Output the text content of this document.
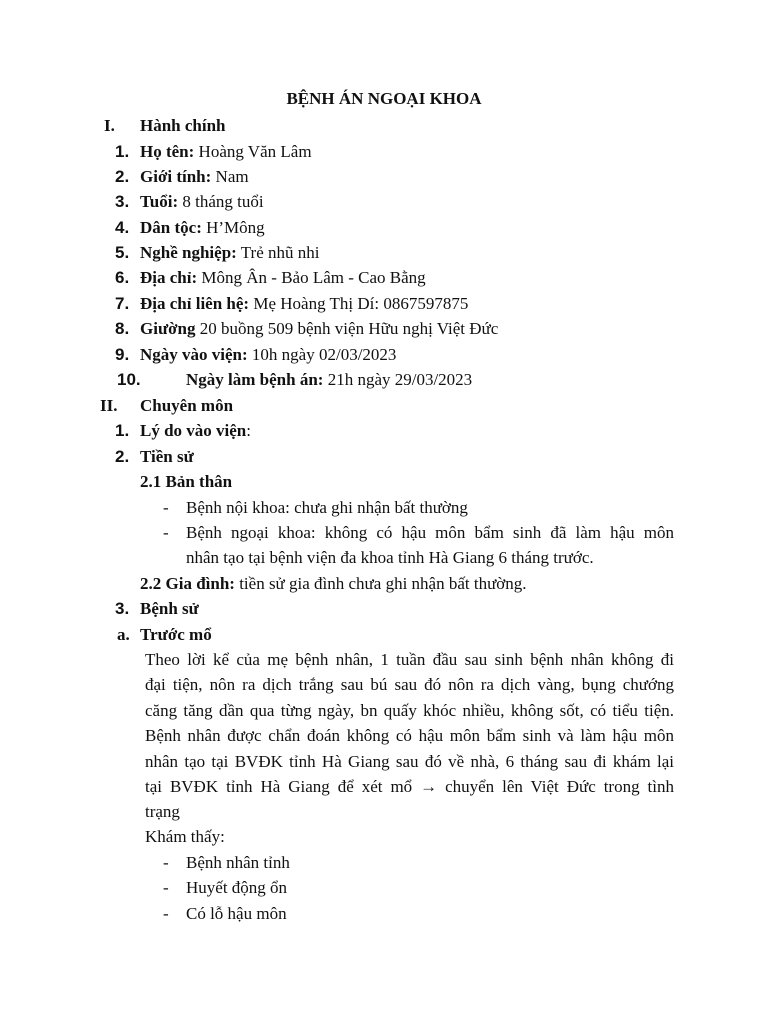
BỆNH ÁN NGOẠI KHOA
I. Hành chính
1. Họ tên: Hoàng Văn Lâm
2. Giới tính: Nam
3. Tuổi: 8 tháng tuổi
4. Dân tộc: H’Mông
5. Nghề nghiệp: Trẻ nhũ nhi
6. Địa chỉ: Mông Ân - Bảo Lâm - Cao Bằng
7. Địa chỉ liên hệ: Mẹ Hoàng Thị Dí: 0867597875
8. Giường 20 buồng 509 bệnh viện Hữu nghị Việt Đức
9. Ngày vào viện: 10h ngày 02/03/2023
10.	Ngày làm bệnh án: 21h ngày 29/03/2023
II. Chuyên môn
1. Lý do vào viện:
2. Tiền sử
2.1 Bản thân
- Bệnh nội khoa: chưa ghi nhận bất thường
- Bệnh ngoại khoa: không có hậu môn bẩm sinh đã làm hậu môn
nhân tạo tại bệnh viện đa khoa tỉnh Hà Giang 6 tháng trước.
2.2 Gia đình: tiền sử gia đình chưa ghi nhận bất thường.
3. Bệnh sử
a. Trước mổ
Theo lời kể của mẹ bệnh nhân, 1 tuần đầu sau sinh bệnh nhân không đi
đại tiện, nôn ra dịch trắng sau bú sau đó nôn ra dịch vàng, bụng chướng
căng tăng dần qua từng ngày, bn quấy khóc nhiều, không sốt, có tiểu tiện.
Bệnh nhân được chẩn đoán không có hậu môn bẩm sinh và làm hậu môn
nhân tạo tại BVĐK tỉnh Hà Giang sau đó về nhà, 6 tháng sau đi khám lại
tại BVĐK tỉnh Hà Giang để xét mổ → chuyển lên Việt Đức trong tình
trạng
Khám thấy:
- Bệnh nhân tỉnh
- Huyết động ổn
- Có lỗ hậu môn
